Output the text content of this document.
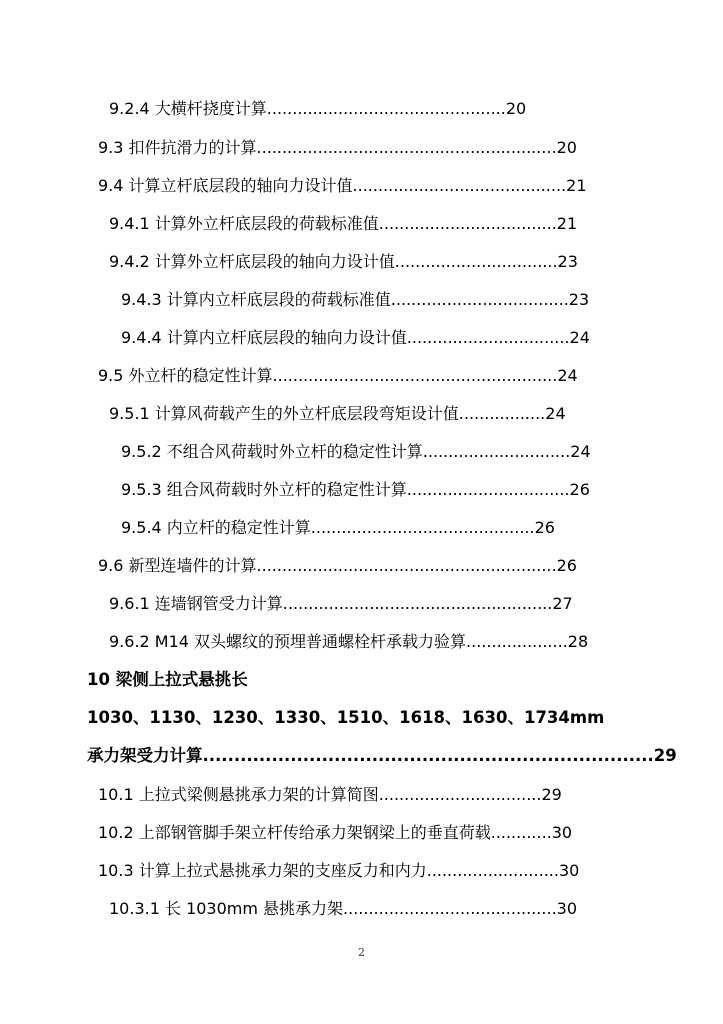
9.2.4 大横杆挠度计算...............................................20
9.3 扣件抗滑力的计算...........................................................20
9.4 计算立杆底层段的轴向力设计值..........................................21
9.4.1 计算外立杆底层段的荷载标准值...................................21
9.4.2 计算外立杆底层段的轴向力设计值................................23
9.4.3 计算内立杆底层段的荷载标准值...................................23
9.4.4 计算内立杆底层段的轴向力设计值................................24
9.5 外立杆的稳定性计算........................................................24
9.5.1 计算风荷载产生的外立杆底层段弯矩设计值.................24
9.5.2 不组合风荷载时外立杆的稳定性计算.............................24
9.5.3 组合风荷载时外立杆的稳定性计算................................26
9.5.4 内立杆的稳定性计算............................................26
9.6 新型连墙件的计算...........................................................26
9.6.1 连墙钢管受力计算.....................................................27
9.6.2 M14 双头螺纹的预埋普通螺栓杆承载力验算....................28
10 梁侧上拉式悬挑长
1030、1130、1230、1330、1510、1618、1630、1734mm
承力架受力计算........................................................................29
10.1 上拉式梁侧悬挑承力架的计算简图................................29
10.2 上部钢管脚手架立杆传给承力架钢梁上的垂直荷载............30
10.3 计算上拉式悬挑承力架的支座反力和内力..........................30
10.3.1 长 1030mm 悬挑承力架..........................................30
2
